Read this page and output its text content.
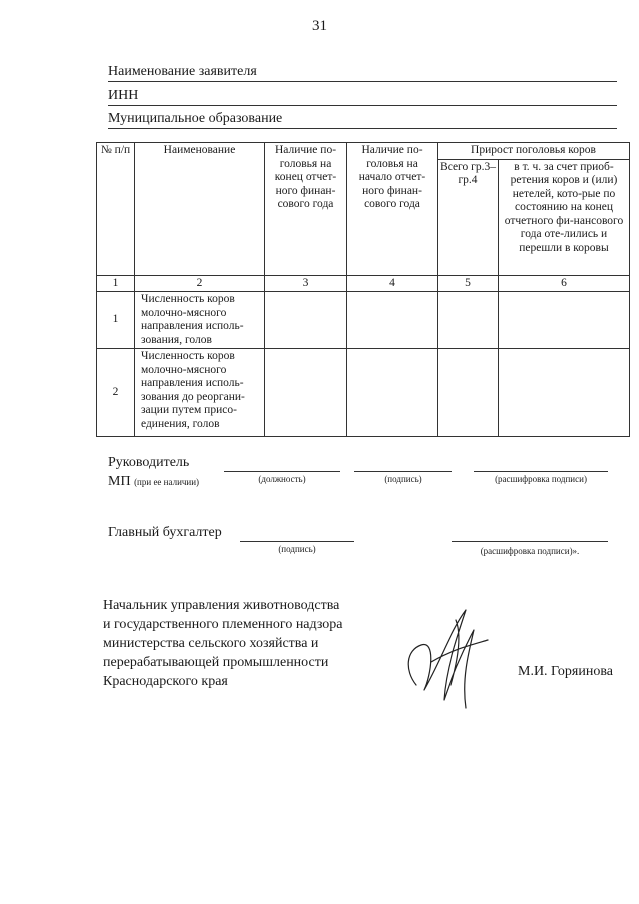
31
Наименование заявителя
ИНН
Муниципальное образование
№ п/п	Наименование	Наличие по-головья на конец отчет-ного финан-сового года	Наличие по-головья на начало отчет-ного финан-сового года	Прирост поголовья коров	
				Всего гр.3–гр.4	в т. ч. за счет приоб-ретения коров и (или) нетелей, кото-рые по состоянию на конец отчетного фи-нансового года оте-лились и перешли в коровы
1	2	3	4	5	6
1	Численность коров молочно-мясного направления исполь-зования, голов				
2	Численность коров молочно-мясного направления исполь-зования до реоргани-зации путем присо-единения, голов				
Руководитель
МП (при ее наличии)	(должность)	(подпись)	(расшифровка подписи)
Главный бухгалтер
(подпись)	(расшифровка подписи)».
Начальник управления животноводства
и государственного племенного надзора
министерства сельского хозяйства и
перерабатывающей промышленности
Краснодарского края
М.И. Горяинова
